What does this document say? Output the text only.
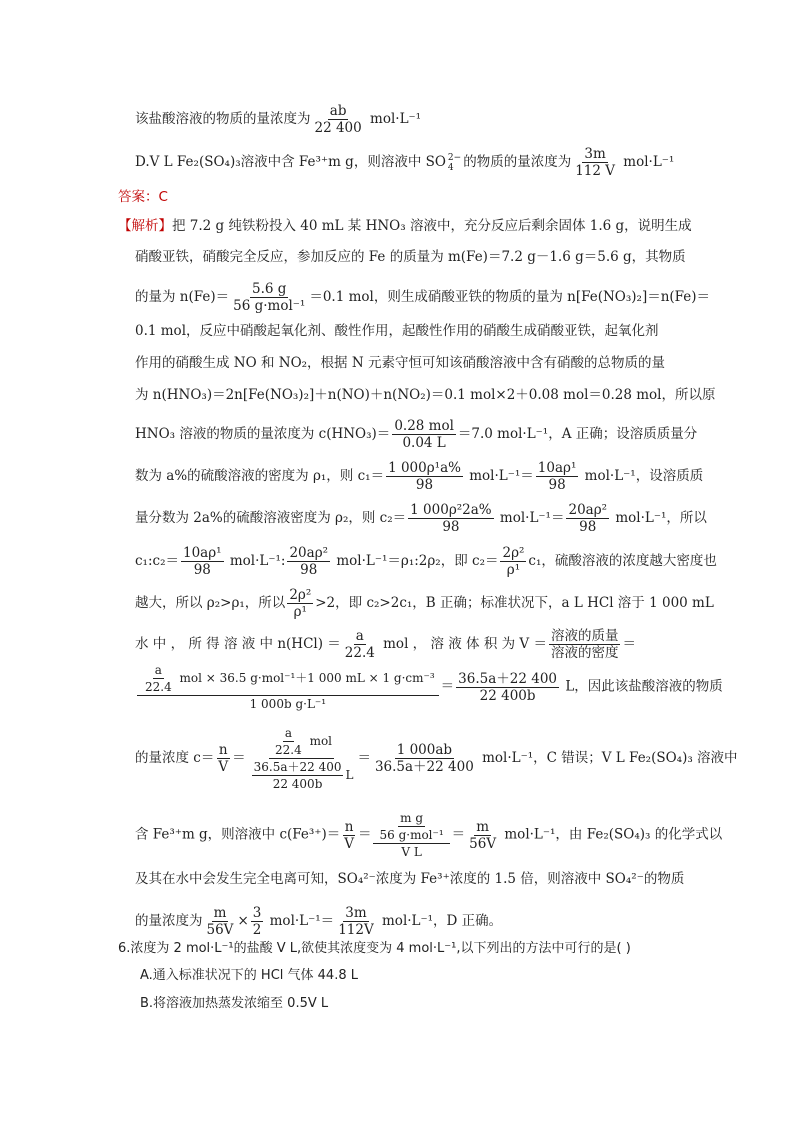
该盐酸溶液的物质的量浓度为 $\frac{ab}{22 400} mol\cdot L^{-1}$
D.V L Fe₂(SO₄)₃溶液中含 Fe³⁺m g，则溶液中 SO 2−
4 的物质的量浓度为 $\frac{3m}{112 V} mol\cdot L^{-1}$
答案：C
【解析】把 7.2 g 纯铁粉投入 40 mL 某 HNO₃ 溶液中，充分反应后剩余固体 1.6 g，说明生成
硝酸亚铁，硝酸完全反应，参加反应的 Fe 的质量为 m(Fe)＝7.2 g－1.6 g＝5.6 g，其物质
的量为 $n(Fe)= \frac{5.6 g}{\text{56 g·mol⁻¹}} =0.1$ mol，则生成硝酸亚铁的物质的量为 n[Fe(NO₃)₂]＝n(Fe)＝
0.1 mol，反应中硝酸起氧化剂、酸性作用，起酸性作用的硝酸生成硝酸亚铁，起氧化剂
作用的硝酸生成 NO 和 NO₂，根据 N 元素守恒可知该硝酸溶液中含有硝酸的总物质的量
为 n(HNO₃)＝2n[Fe(NO₃)₂]＋n(NO)＋n(NO₂)＝0.1 mol×2＋0.08 mol＝0.28 mol，所以原
HNO₃ 溶液的物质的量浓度为 $c(HNO_3)= \frac{\text{0.28 mol}}{0.04 L} =7.0$ mol·L⁻¹，A 正确；设溶质质量分
数为 a%的硫酸溶液的密度为 ρ₁，则 $c_1= \frac{\text{1 000ρ¹a\%}}{98} mol\cdot L^{-1}= \frac{\text{10aρ¹}}{98} mol\cdot L^{-1}$，设溶质质
量分数为 2a%的硫酸溶液密度为 ρ₂，则 $c_2= \frac{\text{1 000ρ²2a\%}}{98} mol\cdot L^{-1}= \frac{\text{20aρ²}}{98} mol\cdot L^{-1}$，所以
c₁:c₂＝ $\frac{\text{10aρ¹}}{98} mol\cdot L^{-1}$: $\frac{\text{20aρ²}}{98}$ mol·L⁻¹＝ρ₁:2ρ₂，即 $c_2= \frac{\text{2ρ²}}{\text{ρ¹}} c_1$，硫酸溶液的浓度越大密度也
越大，所以 ρ₂>ρ₁，所以 $\frac{\text{2ρ²}}{\text{ρ¹}} >2$，即 c₂>2c₁，B 正确；标准状况下，a L HCl 溶于 1 000 mL
水 中 ， 所 得 溶 液 中 $n(HCl) = \frac{a}{22.4}$ mol ， 溶 液 体 积 为 $V = \frac{\text{溶液的质量}}{\text{溶液的密度}}$ ＝
$\frac{\frac{a}{22.4} mol \times 36.5 g\cdot mol^{-1}+1 000 mL \times 1 g\cdot cm^{-3}}{\text{1 000b g·L⁻¹}} = \frac{36.5a+22 400}{22 400b}$ L，因此该盐酸溶液的物质
的量浓度 $c= \frac{n}{V} = \frac{\frac{a}{22.4} mol}{\frac{36.5a+22 400}{22 400b} L} = \frac{1 000ab}{36.5a+22 400} mol\cdot L^{-1}$，C 错误；V L Fe₂(SO₄)₃ 溶液中
含 Fe³⁺m g，则溶液中 $c(Fe^{3+})= \frac{n}{V} = \frac{\frac{\text{m g}}{\text{56 g·mol⁻¹}}}{\text{V L}} = \frac{m}{56V} mol\cdot L^{-1}$，由 Fe₂(SO₄)₃ 的化学式以
及其在水中会发生完全电离可知，SO₄²⁻浓度为 Fe³⁺浓度的 1.5 倍，则溶液中 SO₄²⁻的物质
的量浓度为 $\frac{m}{56V} \times \frac{3}{2} mol\cdot L^{-1}= \frac{3m}{112V} mol\cdot L^{-1}$，D 正确。
6.浓度为 2 mol·L⁻¹的盐酸 V L,欲使其浓度变为 4 mol·L⁻¹,以下列出的方法中可行的是( )
A.通入标准状况下的 HCl 气体 44.8 L
B.将溶液加热蒸发浓缩至 0.5V L
